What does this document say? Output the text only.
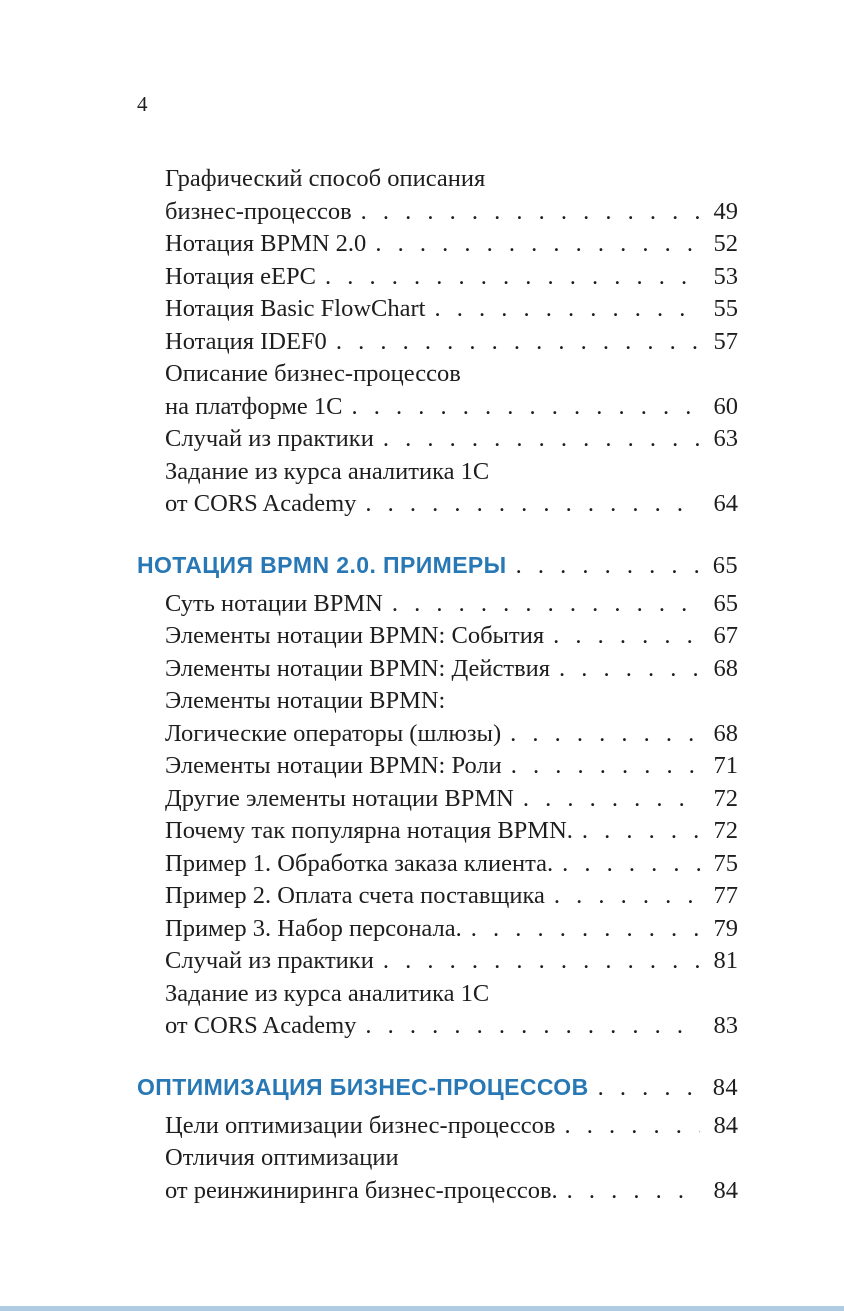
4
Графический способ описания
бизнес-процессов . . .	49
Нотация BPMN 2.0 . . .	52
Нотация eEPC . . .	53
Нотация Basic FlowChart . . .	55
Нотация IDEF0 . . .	57
Описание бизнес-процессов
на платформе 1С . . .	60
Случай из практики . . .	63
Задание из курса аналитика 1С
от CORS Academy . . .	64
НОТАЦИЯ BPMN 2.0. ПРИМЕРЫ . . .	65
Суть нотации BPMN . . .	65
Элементы нотации BPMN: События . . .	67
Элементы нотации BPMN: Действия . . .	68
Элементы нотации BPMN:
Логические операторы (шлюзы) . . .	68
Элементы нотации BPMN: Роли . . .	71
Другие элементы нотации BPMN . . .	72
Почему так популярна нотация BPMN. . . .	72
Пример 1. Обработка заказа клиента. . . .	75
Пример 2. Оплата счета поставщика . . .	77
Пример 3. Набор персонала. . . .	79
Случай из практики . . .	81
Задание из курса аналитика 1С
от CORS Academy . . .	83
ОПТИМИЗАЦИЯ БИЗНЕС-ПРОЦЕССОВ . . .	84
Цели оптимизации бизнес-процессов . . .	84
Отличия оптимизации
от реинжиниринга бизнес-процессов. . . .	84
